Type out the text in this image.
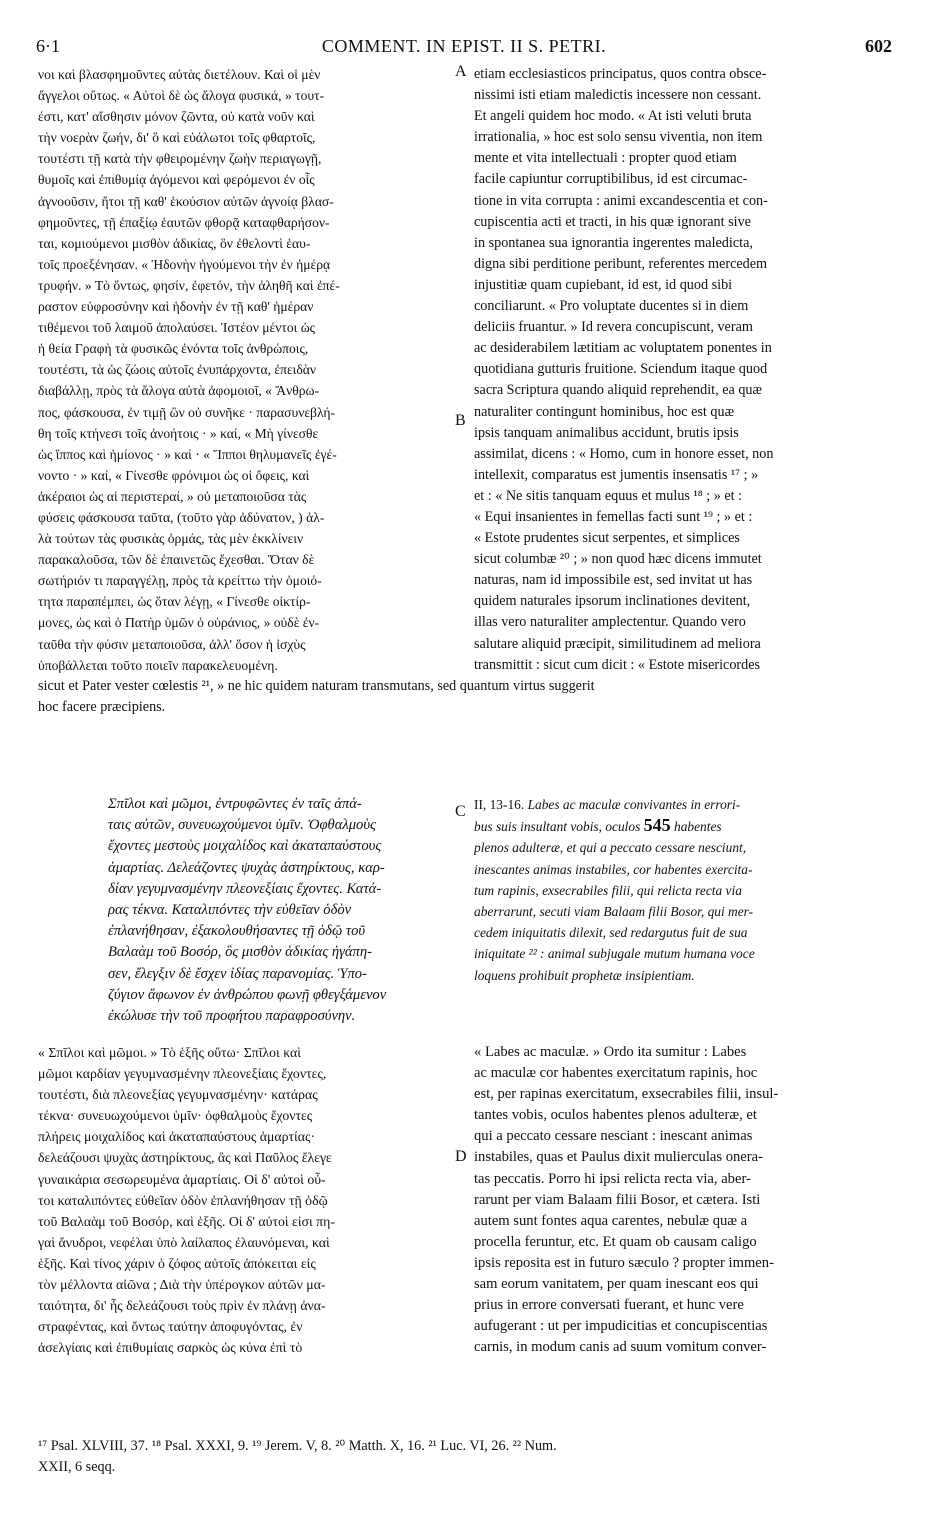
6·1	COMMENT. IN EPIST. II S. PETRI.	602
νοι καὶ βλασφημοῦντες αὐτὰς διετέλουν. Καὶ οἱ μὲν
ἄγγελοι οὕτως. « Αὐτοὶ δὲ ὡς ἄλογα φυσικά, » τουτ-
έστι, κατ' αἴσθησιν μόνον ζῶντα, οὐ κατὰ νοῦν καὶ
τὴν νοερὰν ζωήν, δι' ὃ καὶ εὐάλωτοι τοῖς φθαρτοῖς,
τουτέστι τῇ κατὰ τὴν φθειρομένην ζωὴν περιαγωγῇ,
θυμοῖς καὶ ἐπιθυμίᾳ ἀγόμενοι καὶ φερόμενοι ἐν οἷς
ἀγνοοῦσιν, ἤτοι τῇ καθ' ἑκούσιον αὐτῶν ἀγνοίᾳ βλασ-
φημοῦντες, τῇ ἐπαξίῳ ἑαυτῶν φθορᾷ καταφθαρήσον-
ται, κομιούμενοι μισθὸν ἀδικίας, ὃν ἐθελοντὶ ἑαυ-
τοῖς προεξένησαν. « Ἡδονὴν ἡγούμενοι τὴν ἐν ἡμέρᾳ
τρυφήν. » Τὸ ὄντως, φησίν, ἐφετόν, τὴν ἀληθῆ καὶ ἐπέ-
ραστον εὐφροσύνην καὶ ἡδονὴν ἐν τῇ καθ' ἡμέραν
τιθέμενοι τοῦ λαιμοῦ ἀπολαύσει. Ἰστέον μέντοι ὡς
ἡ θεία Γραφὴ τὰ φυσικῶς ἐνόντα τοῖς ἀνθρώποις,
τουτέστι, τὰ ὡς ζώοις αὐτοῖς ἐνυπάρχοντα, ἐπειδὰν
διαβάλλῃ, πρὸς τὰ ἄλογα αὐτὰ ἀφομοιοῖ, « Ἄνθρω-
πος, φάσκουσα, ἐν τιμῇ ὢν οὐ συνῆκε · παρασυνεβλή-
θη τοῖς κτήνεσι τοῖς ἀνοήτοις · » καί, « Μὴ γίνεσθε
ὡς ἵππος καὶ ἡμίονος · » καί · « Ἵπποι θηλυμανεῖς ἐγέ-
νοντο · » καί, « Γίνεσθε φρόνιμοι ὡς οἱ ὄφεις, καὶ
ἀκέραιοι ὡς αἱ περιστεραί, » οὐ μεταποιοῦσα τὰς
φύσεις φάσκουσα ταῦτα, (τοῦτο γὰρ ἀδύνατον, ) ἀλ-
λὰ τούτων τὰς φυσικὰς ὁρμάς, τὰς μὲν ἐκκλίνειν
παρακαλοῦσα, τῶν δὲ ἐπαινετῶς ἔχεσθαι. Ὅταν δὲ
σωτήριόν τι παραγγέλῃ, πρὸς τὰ κρείττω τὴν ὁμοιό-
τητα παραπέμπει, ὡς ὅταν λέγῃ, « Γίνεσθε οἰκτίρ-
μονες, ὡς καὶ ὁ Πατὴρ ὑμῶν ὁ οὐράνιος, » οὐδὲ ἐν-
ταῦθα τὴν φύσιν μεταποιοῦσα, ἀλλ' ὅσον ἡ ἰσχὺς
ὑποβάλλεται τοῦτο ποιεῖν παρακελευομένη.
etiam ecclesiasticos principatus, quos contra obsce-
nissimi isti etiam maledictis incessere non cessant.
Et angeli quidem hoc modo. « At isti veluti bruta
irrationalia, » hoc est solo sensu viventia, non item
mente et vita intellectuali : propter quod etiam
facile capiuntur corruptibilibus, id est circumac-
tione in vita corrupta : animi excandescentia et con-
cupiscentia acti et tracti, in his quæ ignorant sive
in spontanea sua ignorantia ingerentes maledicta,
digna sibi perditione peribunt, referentes mercedem
injustitiæ quam cupiebant, id est, id quod sibi
conciliarunt. « Pro voluptate ducentes si in diem
deliciis fruantur. » Id revera concupiscunt, veram
ac desiderabilem lætitiam ac voluptatem ponentes in
quotidiana gutturis fruitione. Sciendum itaque quod
sacra Scriptura quando aliquid reprehendit, ea quæ
naturaliter contingunt hominibus, hoc est quæ
ipsis tanquam animalibus accidunt, brutis ipsis
assimilat, dicens : « Homo, cum in honore esset, non
intellexit, comparatus est jumentis insensatis ¹⁷ ; »
et : « Ne sitis tanquam equus et mulus ¹⁸ ; » et :
« Equi insanientes in femellas facti sunt ¹⁹ ; » et :
« Estote prudentes sicut serpentes, et simplices
sicut columbæ ²⁰ ; » non quod hæc dicens immutet
naturas, nam id impossibile est, sed invitat ut has
quidem naturales ipsorum inclinationes devitent,
illas vero naturaliter amplectentur. Quando vero
salutare aliquid præcipit, similitudinem ad meliora
transmittit : sicut cum dicit : « Estote misericordes
sicut et Pater vester cœlestis ²¹, » ne hic quidem naturam transmutans, sed quantum virtus suggerit
hoc facere præcipiens.
A
B
C
D
Σπῖλοι καὶ μῶμοι, ἐντρυφῶντες ἐν ταῖς ἀπά-
ταις αὐτῶν, συνευωχούμενοι ὑμῖν. Ὀφθαλμοὺς
ἔχοντες μεστοὺς μοιχαλίδος καὶ ἀκαταπαύστους
ἁμαρτίας. Δελεάζοντες ψυχὰς ἀστηρίκτους, καρ-
δίαν γεγυμνασμένην πλεονεξίαις ἔχοντες. Κατά-
ρας τέκνα. Καταλιπόντες τὴν εὐθεῖαν ὁδὸν
ἐπλανήθησαν, ἐξακολουθήσαντες τῇ ὁδῷ τοῦ
Βαλαὰμ τοῦ Βοσόρ, ὃς μισθὸν ἀδικίας ἠγάπη-
σεν, ἔλεγξιν δὲ ἔσχεν ἰδίας παρανομίας. Ὑπο-
ζύγιον ἄφωνον ἐν ἀνθρώπου φωνῇ φθεγξάμενον
ἐκώλυσε τὴν τοῦ προφήτου παραφροσύνην.
II, 13-16. Labes ac maculæ convivantes in errori-
bus suis insultant vobis, oculos 545 habentes
plenos adulteræ, et qui a peccato cessare nesciunt,
inescantes animas instabiles, cor habentes exercita-
tum rapinis, exsecrabiles filii, qui relicta recta via
aberrarunt, secuti viam Balaam filii Bosor, qui mer-
cedem iniquitatis dilexit, sed redargutus fuit de sua
iniquitate ²² : animal subjugale mutum humana voce
loquens prohibuit prophetæ insipientiam.
« Σπῖλοι καὶ μῶμοι. » Τὸ ἑξῆς οὕτω· Σπῖλοι καὶ
μῶμοι καρδίαν γεγυμνασμένην πλεονεξίαις ἔχοντες,
τουτέστι, διὰ πλεονεξίας γεγυμνασμένην· κατάρας
τέκνα· συνευωχούμενοι ὑμῖν· ὀφθαλμοὺς ἔχοντες
πλήρεις μοιχαλίδος καὶ ἀκαταπαύστους ἁμαρτίας·
δελεάζουσι ψυχὰς ἀστηρίκτους, ἃς καὶ Παῦλος ἔλεγε
γυναικάρια σεσωρευμένα ἁμαρτίαις. Οἱ δ' αὐτοὶ οὗ-
τοι καταλιπόντες εὐθεῖαν ὁδὸν ἐπλανήθησαν τῇ ὁδῷ
τοῦ Βαλαὰμ τοῦ Βοσόρ, καὶ ἑξῆς. Οἱ δ' αὐτοὶ εἰσι πη-
γαὶ ἄνυδροι, νεφέλαι ὑπὸ λαίλαπος ἐλαυνόμεναι, καὶ
ἑξῆς. Καὶ τίνος χάριν ὁ ζόφος αὐτοῖς ἀπόκειται εἰς
τὸν μέλλοντα αἰῶνα ; Διὰ τὴν ὑπέρογκον αὐτῶν μα-
ταιότητα, δι' ἧς δελεάζουσι τοὺς πρὶν ἐν πλάνῃ ἀνα-
στραφέντας, καὶ ὄντως ταύτην ἀποφυγόντας, ἐν
ἀσελγίαις καὶ ἐπιθυμίαις σαρκὸς ὡς κύνα ἐπὶ τὸ
« Labes ac maculæ. » Ordo ita sumitur : Labes
ac maculæ cor habentes exercitatum rapinis, hoc
est, per rapinas exercitatum, exsecrabiles filii, insul-
tantes vobis, oculos habentes plenos adulteræ, et
qui a peccato cessare nesciant : inescant animas
instabiles, quas et Paulus dixit mulierculas onera-
tas peccatis. Porro hi ipsi relicta recta via, aber-
rarunt per viam Balaam filii Bosor, et cætera. Isti
autem sunt fontes aqua carentes, nebulæ quæ a
procella feruntur, etc. Et quam ob causam caligo
ipsis reposita est in futuro sæculo ? propter immen-
sam eorum vanitatem, per quam inescant eos qui
prius in errore conversati fuerant, et hunc vere
aufugerant : ut per impudicitias et concupiscentias
carnis, in modum canis ad suum vomitum conver-
¹⁷ Psal. XLVIII, 37. ¹⁸ Psal. XXXI, 9. ¹⁹ Jerem. V, 8. ²⁰ Matth. X, 16. ²¹ Luc. VI, 26. ²² Num.
XXII, 6 seqq.
